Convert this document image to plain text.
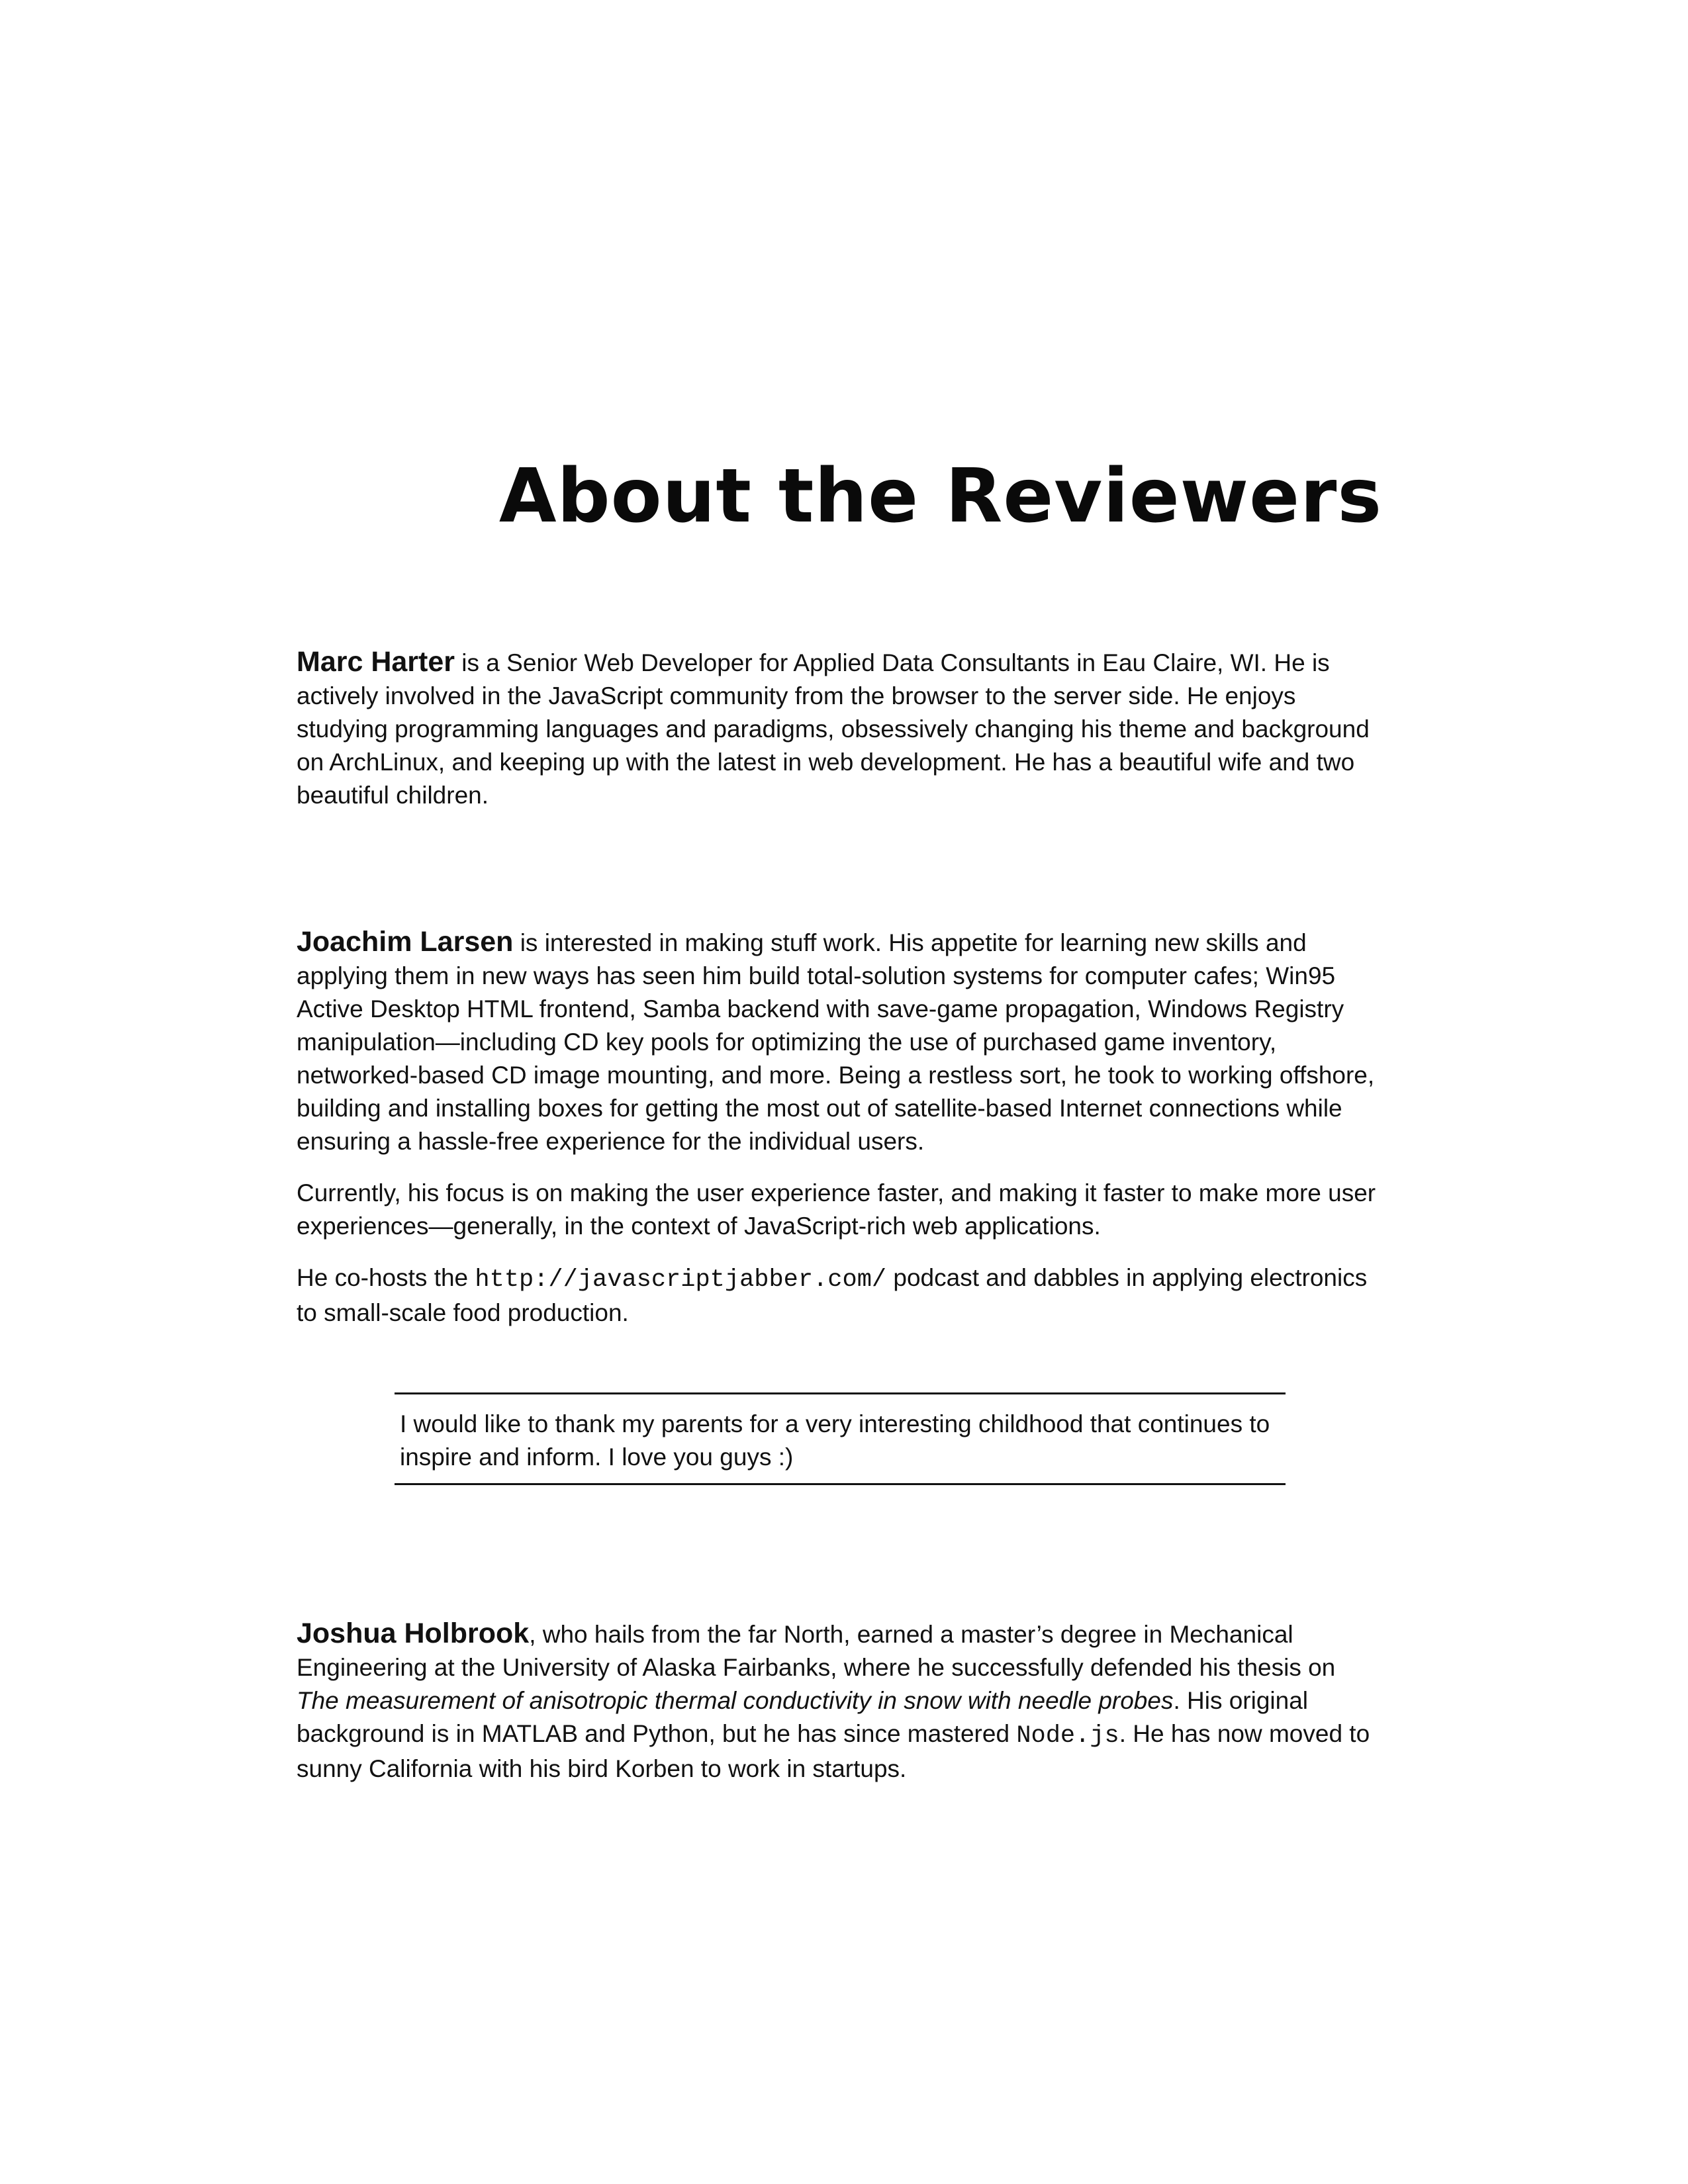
About the Reviewers

Marc Harter is a Senior Web Developer for Applied Data Consultants in Eau Claire, WI. He is actively involved in the JavaScript community from the browser to the server side. He enjoys studying programming languages and paradigms, obsessively changing his theme and background on ArchLinux, and keeping up with the latest in web development. He has a beautiful wife and two beautiful children.

Joachim Larsen is interested in making stuff work. His appetite for learning new skills and applying them in new ways has seen him build total-solution systems for computer cafes; Win95 Active Desktop HTML frontend, Samba backend with save-game propagation, Windows Registry manipulation—including CD key pools for optimizing the use of purchased game inventory, networked-based CD image mounting, and more. Being a restless sort, he took to working offshore, building and installing boxes for getting the most out of satellite-based Internet connections while ensuring a hassle-free experience for the individual users.

Currently, his focus is on making the user experience faster, and making it faster to make more user experiences—generally, in the context of JavaScript-rich web applications.

He co-hosts the http://javascriptjabber.com/ podcast and dabbles in applying electronics to small-scale food production.

I would like to thank my parents for a very interesting childhood that continues to inspire and inform. I love you guys :)

Joshua Holbrook, who hails from the far North, earned a master’s degree in Mechanical Engineering at the University of Alaska Fairbanks, where he successfully defended his thesis on The measurement of anisotropic thermal conductivity in snow with needle probes. His original background is in MATLAB and Python, but he has since mastered Node.js. He has now moved to sunny California with his bird Korben to work in startups.
